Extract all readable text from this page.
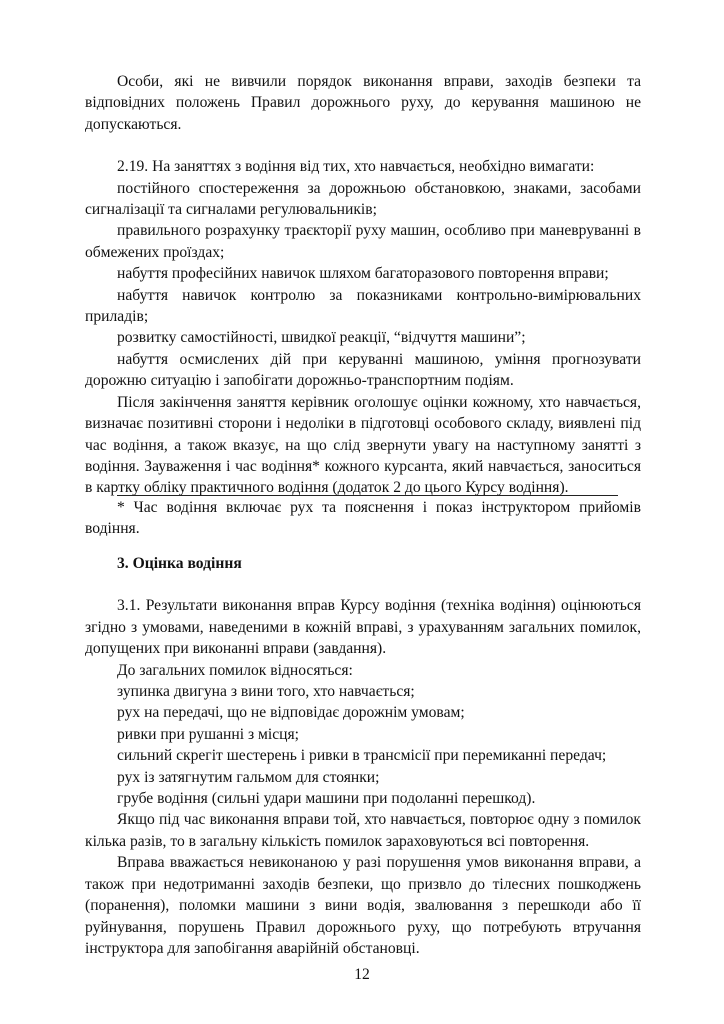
Особи, які не вивчили порядок виконання вправи, заходів безпеки та відповідних положень Правил дорожнього руху, до керування машиною не допускаються.

2.19. На заняттях з водіння від тих, хто навчається, необхідно вимагати:

постійного спостереження за дорожньою обстановкою, знаками, засобами сигналізації та сигналами регулювальників;

правильного розрахунку траєкторії руху машин, особливо при маневруванні в обмежених проїздах;

набуття професійних навичок шляхом багаторазового повторення вправи;

набуття навичок контролю за показниками контрольно-вимірювальних приладів;

розвитку самостійності, швидкої реакції, “відчуття машини”;

набуття осмислених дій при керуванні машиною, уміння прогнозувати дорожню ситуацію і запобігати дорожньо-транспортним подіям.

Після закінчення заняття керівник оголошує оцінки кожному, хто навчається, визначає позитивні сторони і недоліки в підготовці особового складу, виявлені під час водіння, а також вказує, на що слід звернути увагу на наступному занятті з водіння. Зауваження і час водіння* кожного курсанта, який навчається, заноситься в картку обліку практичного водіння (додаток 2 до цього Курсу водіння).

* Час водіння включає рух та пояснення і показ інструктором прийомів водіння.

3. Оцінка водіння

3.1. Результати виконання вправ Курсу водіння (техніка водіння) оцінюються згідно з умовами, наведеними в кожній вправі, з урахуванням загальних помилок, допущених при виконанні вправи (завдання).

До загальних помилок відносяться:

зупинка двигуна з вини того, хто навчається;

рух на передачі, що не відповідає дорожнім умовам;

ривки при рушанні з місця;

сильний скрегіт шестерень і ривки в трансмісії при перемиканні передач;

рух із затягнутим гальмом для стоянки;

грубе водіння (сильні удари машини при подоланні перешкод).

Якщо під час виконання вправи той, хто навчається, повторює одну з помилок кілька разів, то в загальну кількість помилок зараховуються всі повторення.

Вправа вважається невиконаною у разі порушення умов виконання вправи, а також при недотриманні заходів безпеки, що призвло до тілесних пошкоджень (поранення), поломки машини з вини водія, звалювання з перешкоди або її руйнування, порушень Правил дорожнього руху, що потребують втручання інструктора для запобігання аварійній обстановці.

12
